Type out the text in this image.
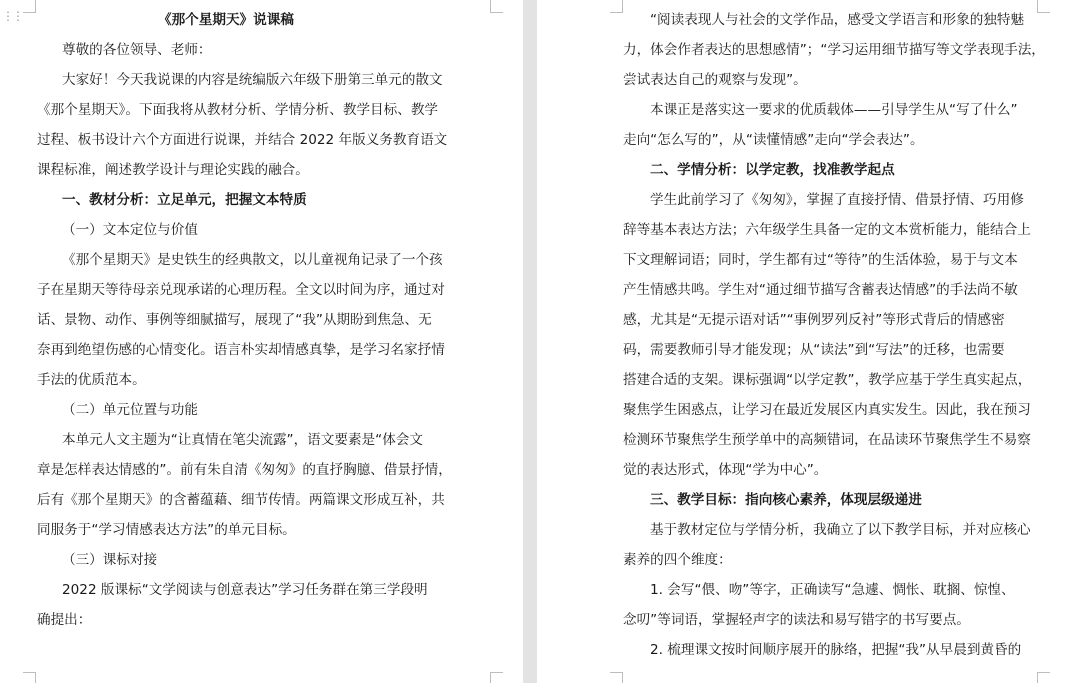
⋮⋮	《那个星期天》说课稿
尊敬的各位领导、老师：
大家好！今天我说课的内容是统编版六年级下册第三单元的散文
《那个星期天》。下面我将从教材分析、学情分析、教学目标、教学
过程、板书设计六个方面进行说课，并结合 2022 年版义务教育语文
课程标准，阐述教学设计与理论实践的融合。
一、教材分析：立足单元，把握文本特质
（一）文本定位与价值
《那个星期天》是史铁生的经典散文，以儿童视角记录了一个孩
子在星期天等待母亲兑现承诺的心理历程。全文以时间为序，通过对
话、景物、动作、事例等细腻描写，展现了“我”从期盼到焦急、无
奈再到绝望伤感的心情变化。语言朴实却情感真挚，是学习名家抒情
手法的优质范本。
（二）单元位置与功能
本单元人文主题为“让真情在笔尖流露”，语文要素是“体会文
章是怎样表达情感的”。前有朱自清《匆匆》的直抒胸臆、借景抒情，
后有《那个星期天》的含蓄蕴藉、细节传情。两篇课文形成互补，共
同服务于“学习情感表达方法”的单元目标。
（三）课标对接
2022 版课标“文学阅读与创意表达”学习任务群在第三学段明
确提出：
“阅读表现人与社会的文学作品，感受文学语言和形象的独特魅
力，体会作者表达的思想感情”；“学习运用细节描写等文学表现手法，
尝试表达自己的观察与发现”。
本课正是落实这一要求的优质载体——引导学生从“写了什么”
走向“怎么写的”，从“读懂情感”走向“学会表达”。
二、学情分析：以学定教，找准教学起点
学生此前学习了《匆匆》，掌握了直接抒情、借景抒情、巧用修
辞等基本表达方法；六年级学生具备一定的文本赏析能力，能结合上
下文理解词语；同时，学生都有过“等待”的生活体验，易于与文本
产生情感共鸣。学生对“通过细节描写含蓄表达情感”的手法尚不敏
感，尤其是“无提示语对话”“事例罗列反衬”等形式背后的情感密
码，需要教师引导才能发现；从“读法”到“写法”的迁移，也需要
搭建合适的支架。课标强调“以学定教”，教学应基于学生真实起点，
聚焦学生困惑点，让学习在最近发展区内真实发生。因此，我在预习
检测环节聚焦学生预学单中的高频错词，在品读环节聚焦学生不易察
觉的表达形式，体现“学为中心”。
三、教学目标：指向核心素养，体现层级递进
基于教材定位与学情分析，我确立了以下教学目标，并对应核心
素养的四个维度：
1. 会写“偎、吻”等字，正确读写“急遽、惆怅、耽搁、惊惶、
念叨”等词语，掌握轻声字的读法和易写错字的书写要点。
2. 梳理课文按时间顺序展开的脉络，把握“我”从早晨到黄昏的
